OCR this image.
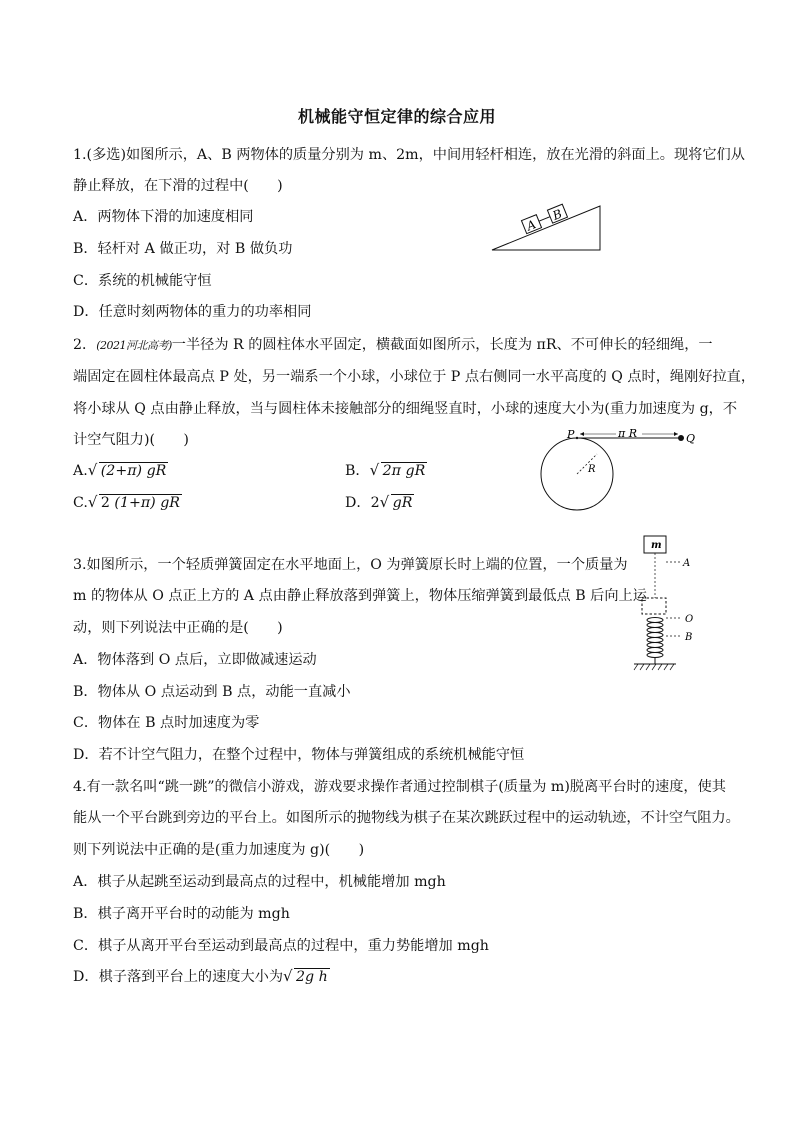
机械能守恒定律的综合应用
1.(多选)如图所示，A、B 两物体的质量分别为 m、2m，中间用轻杆相连，放在光滑的斜面上。现将它们从
静止释放，在下滑的过程中(　　)
A．两物体下滑的加速度相同
B．轻杆对 A 做正功，对 B 做负功
C．系统的机械能守恒
D．任意时刻两物体的重力的功率相同
A
B
2．(2021河北高考)一半径为 R 的圆柱体水平固定，横截面如图所示，长度为 πR、不可伸长的轻细绳，一
端固定在圆柱体最高点 P 处，另一端系一个小球，小球位于 P 点右侧同一水平高度的 Q 点时，绳刚好拉直，
将小球从 Q 点由静止释放，当与圆柱体未接触部分的细绳竖直时，小球的速度大小为(重力加速度为 g，不
计空气阻力)(　　)
A. √ (2+π) gR	B． √ 2π gR
C. √ 2 (1+π) gR	D．2 √ gR
P	Q
π R
R
3.如图所示，一个轻质弹簧固定在水平地面上，O 为弹簧原长时上端的位置，一个质量为
m 的物体从 O 点正上方的 A 点由静止释放落到弹簧上，物体压缩弹簧到最低点 B 后向上运
动，则下列说法中正确的是(　　)
A．物体落到 O 点后，立即做减速运动
B．物体从 O 点运动到 B 点，动能一直减小
C．物体在 B 点时加速度为零
D．若不计空气阻力，在整个过程中，物体与弹簧组成的系统机械能守恒
m
A
O
B
4.有一款名叫“跳一跳”的微信小游戏，游戏要求操作者通过控制棋子(质量为 m)脱离平台时的速度，使其
能从一个平台跳到旁边的平台上。如图所示的抛物线为棋子在某次跳跃过程中的运动轨迹，不计空气阻力。
则下列说法中正确的是(重力加速度为 g)(　　)
A．棋子从起跳至运动到最高点的过程中，机械能增加 mgh
B．棋子离开平台时的动能为 mgh
C．棋子从离开平台至运动到最高点的过程中，重力势能增加 mgh
D．棋子落到平台上的速度大小为 √ 2g h
